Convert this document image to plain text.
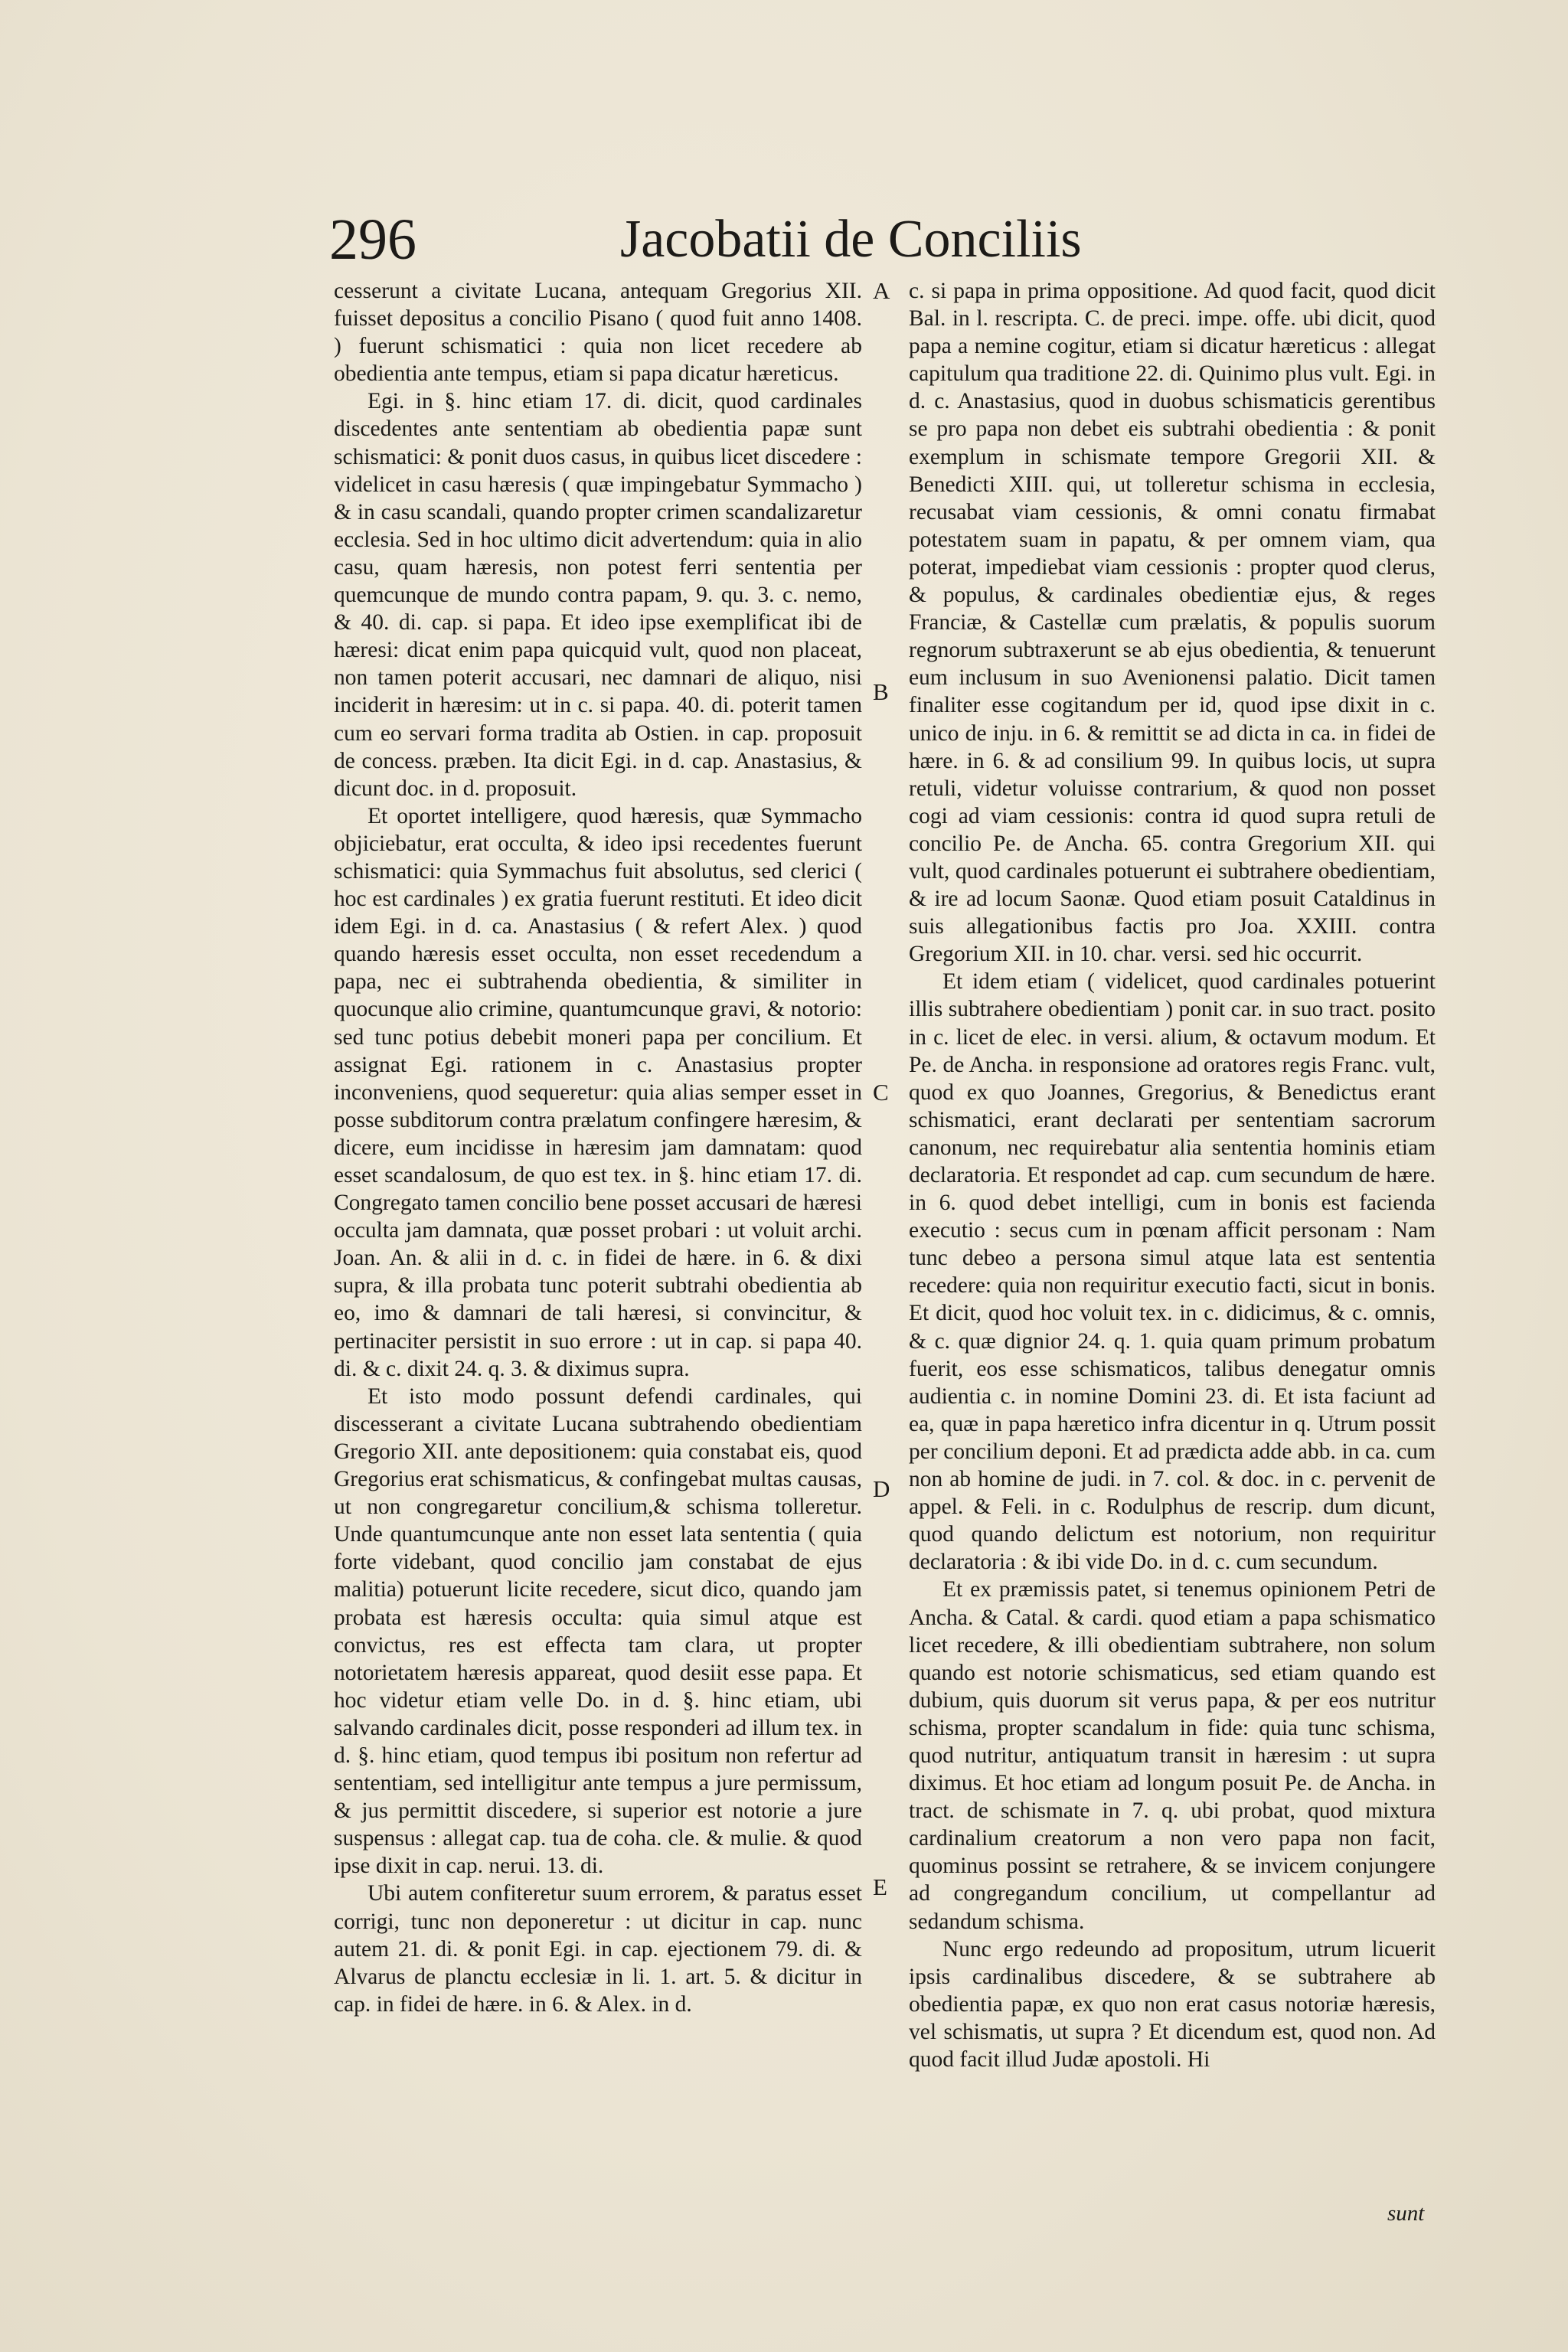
296	Jacobatii de Conciliis

cesserunt a civitate Lucana, antequam Gregorius XII. fuisset depositus a concilio Pisano ( quod fuit anno 1408. ) fuerunt schismatici : quia non licet recedere ab obedientia ante tempus, etiam si papa dicatur hæreticus.

Egi. in §. hinc etiam 17. di. dicit, quod cardinales discedentes ante sententiam ab obedientia papæ sunt schismatici: & ponit duos casus, in quibus licet discedere : videlicet in casu hæresis ( quæ impingebatur Symmacho ) & in casu scandali, quando propter crimen scandalizaretur ecclesia. Sed in hoc ultimo dicit advertendum: quia in alio casu, quam hæresis, non potest ferri sententia per quemcunque de mundo contra papam, 9. qu. 3. c. nemo, & 40. di. cap. si papa. Et ideo ipse exemplificat ibi de hæresi: dicat enim papa quicquid vult, quod non placeat, non tamen poterit accusari, nec damnari de aliquo, nisi inciderit in hæresim: ut in c. si papa. 40. di. poterit tamen cum eo servari forma tradita ab Ostien. in cap. proposuit de concess. præben. Ita dicit Egi. in d. cap. Anastasius, & dicunt doc. in d. proposuit.

Et oportet intelligere, quod hæresis, quæ Symmacho objiciebatur, erat occulta, & ideo ipsi recedentes fuerunt schismatici: quia Symmachus fuit absolutus, sed clerici ( hoc est cardinales ) ex gratia fuerunt restituti. Et ideo dicit idem Egi. in d. ca. Anastasius ( & refert Alex. ) quod quando hæresis esset occulta, non esset recedendum a papa, nec ei subtrahenda obedientia, & similiter in quocunque alio crimine, quantumcunque gravi, & notorio: sed tunc potius debebit moneri papa per concilium. Et assignat Egi. rationem in c. Anastasius propter inconveniens, quod sequeretur: quia alias semper esset in posse subditorum contra prælatum confingere hæresim, & dicere, eum incidisse in hæresim jam damnatam: quod esset scandalosum, de quo est tex. in §. hinc etiam 17. di. Congregato tamen concilio bene posset accusari de hæresi occulta jam damnata, quæ posset probari : ut voluit archi. Joan. An. & alii in d. c. in fidei de hære. in 6. & dixi supra, & illa probata tunc poterit subtrahi obedientia ab eo, imo & damnari de tali hæresi, si convincitur, & pertinaciter persistit in suo errore : ut in cap. si papa 40. di. & c. dixit 24. q. 3. & diximus supra.

Et isto modo possunt defendi cardinales, qui discesserant a civitate Lucana subtrahendo obedientiam Gregorio XII. ante depositionem: quia constabat eis, quod Gregorius erat schismaticus, & confingebat multas causas, ut non congregaretur concilium,& schisma tolleretur. Unde quantumcunque ante non esset lata sententia ( quia forte videbant, quod concilio jam constabat de ejus malitia) potuerunt licite recedere, sicut dico, quando jam probata est hæresis occulta: quia simul atque est convictus, res est effecta tam clara, ut propter notorietatem hæresis appareat, quod desiit esse papa. Et hoc videtur etiam velle Do. in d. §. hinc etiam, ubi salvando cardinales dicit, posse responderi ad illum tex. in d. §. hinc etiam, quod tempus ibi positum non refertur ad sententiam, sed intelligitur ante tempus a jure permissum, & jus permittit discedere, si superior est notorie a jure suspensus : allegat cap. tua de coha. cle. & mulie. & quod ipse dixit in cap. nerui. 13. di.

Ubi autem confiteretur suum errorem, & paratus esset corrigi, tunc non deponeretur : ut dicitur in cap. nunc autem 21. di. & ponit Egi. in cap. ejectionem 79. di. & Alvarus de planctu ecclesiæ in li. 1. art. 5. & dicitur in cap. in fidei de hære. in 6. & Alex. in d.

A
B
C
D
E

c. si papa in prima oppositione. Ad quod facit, quod dicit Bal. in l. rescripta. C. de preci. impe. offe. ubi dicit, quod papa a nemine cogitur, etiam si dicatur hæreticus : allegat capitulum qua traditione 22. di. Quinimo plus vult. Egi. in d. c. Anastasius, quod in duobus schismaticis gerentibus se pro papa non debet eis subtrahi obedientia : & ponit exemplum in schismate tempore Gregorii XII. & Benedicti XIII. qui, ut tolleretur schisma in ecclesia, recusabat viam cessionis, & omni conatu firmabat potestatem suam in papatu, & per omnem viam, qua poterat, impediebat viam cessionis : propter quod clerus, & populus, & cardinales obedientiæ ejus, & reges Franciæ, & Castellæ cum prælatis, & populis suorum regnorum subtraxerunt se ab ejus obedientia, & tenuerunt eum inclusum in suo Avenionensi palatio. Dicit tamen finaliter esse cogitandum per id, quod ipse dixit in c. unico de inju. in 6. & remittit se ad dicta in ca. in fidei de hære. in 6. & ad consilium 99. In quibus locis, ut supra retuli, videtur voluisse contrarium, & quod non posset cogi ad viam cessionis: contra id quod supra retuli de concilio Pe. de Ancha. 65. contra Gregorium XII. qui vult, quod cardinales potuerunt ei subtrahere obedientiam, & ire ad locum Saonæ. Quod etiam posuit Cataldinus in suis allegationibus factis pro Joa. XXIII. contra Gregorium XII. in 10. char. versi. sed hic occurrit.

Et idem etiam ( videlicet, quod cardinales potuerint illis subtrahere obedientiam ) ponit car. in suo tract. posito in c. licet de elec. in versi. alium, & octavum modum. Et Pe. de Ancha. in responsione ad oratores regis Franc. vult, quod ex quo Joannes, Gregorius, & Benedictus erant schismatici, erant declarati per sententiam sacrorum canonum, nec requirebatur alia sententia hominis etiam declaratoria. Et respondet ad cap. cum secundum de hære. in 6. quod debet intelligi, cum in bonis est facienda executio : secus cum in pœnam afficit personam : Nam tunc debeo a persona simul atque lata est sententia recedere: quia non requiritur executio facti, sicut in bonis. Et dicit, quod hoc voluit tex. in c. didicimus, & c. omnis, & c. quæ dignior 24. q. 1. quia quam primum probatum fuerit, eos esse schismaticos, talibus denegatur omnis audientia c. in nomine Domini 23. di. Et ista faciunt ad ea, quæ in papa hæretico infra dicentur in q. Utrum possit per concilium deponi. Et ad prædicta adde abb. in ca. cum non ab homine de judi. in 7. col. & doc. in c. pervenit de appel. & Feli. in c. Rodulphus de rescrip. dum dicunt, quod quando delictum est notorium, non requiritur declaratoria : & ibi vide Do. in d. c. cum secundum.

Et ex præmissis patet, si tenemus opinionem Petri de Ancha. & Catal. & cardi. quod etiam a papa schismatico licet recedere, & illi obedientiam subtrahere, non solum quando est notorie schismaticus, sed etiam quando est dubium, quis duorum sit verus papa, & per eos nutritur schisma, propter scandalum in fide: quia tunc schisma, quod nutritur, antiquatum transit in hæresim : ut supra diximus. Et hoc etiam ad longum posuit Pe. de Ancha. in tract. de schismate in 7. q. ubi probat, quod mixtura cardinalium creatorum a non vero papa non facit, quominus possint se retrahere, & se invicem conjungere ad congregandum concilium, ut compellantur ad sedandum schisma.

Nunc ergo redeundo ad propositum, utrum licuerit ipsis cardinalibus discedere, & se subtrahere ab obedientia papæ, ex quo non erat casus notoriæ hæresis, vel schismatis, ut supra ? Et dicendum est, quod non. Ad quod facit illud Judæ apostoli. Hi

sunt
